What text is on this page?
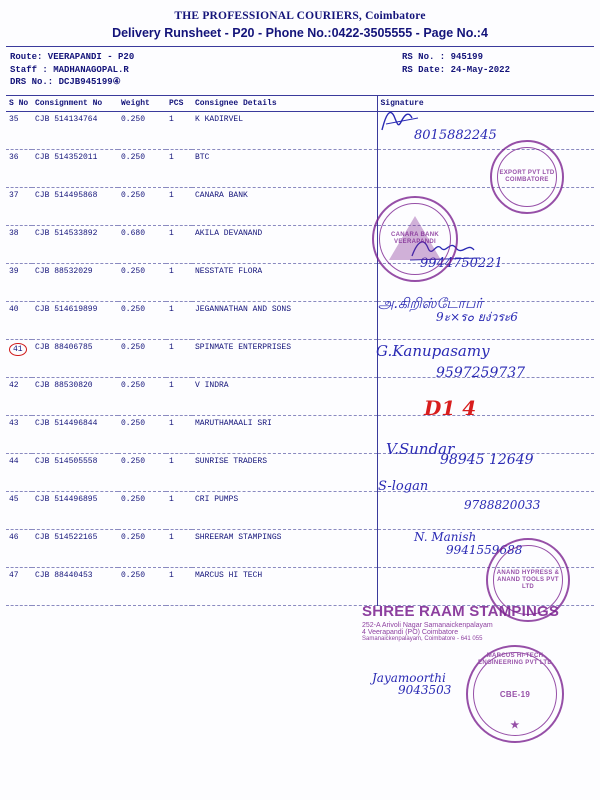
THE PROFESSIONAL COURIERS, Coimbatore
Delivery Runsheet - P20 - Phone No.:0422-3505555 - Page No.:4
Route: VEERAPANDI - P20
Staff : MADHANAGOPAL.R
DRS No.: DCJB945199④
RS No. : 945199
RS Date: 24-May-2022
S No	Consignment No	Weight	PCS	Consignee Details	Signature
35	CJB 514134764	0.250	1	K KADIRVEL	
36	CJB 514352011	0.250	1	BTC	
37	CJB 514495868	0.250	1	CANARA BANK	
38	CJB 514533892	0.680	1	AKILA DEVANAND	
39	CJB 88532029	0.250	1	NESSTATE FLORA	
40	CJB 514619899	0.250	1	JEGANNATHAN AND SONS	
41	CJB 88406785	0.250	1	SPINMATE ENTERPRISES	
42	CJB 88530820	0.250	1	V INDRA	
43	CJB 514496844	0.250	1	MARUTHAMAALI SRI	
44	CJB 514505558	0.250	1	SUNRISE TRADERS	
45	CJB 514496895	0.250	1	CRI PUMPS	
46	CJB 514522165	0.250	1	SHREERAM STAMPINGS	
47	CJB 88440453	0.250	1	MARCUS HI TECH	
8015882245
9944750221
அ.கிறிஸ்டோபர்
9ะ×ร๐ ยง่วระ6
G.Kanupasamy
9597259737
D1 4
V.Sundar
98945 12649
S-logan
9788820033
N. Manish
9941559688
Jayamoorthi
9043503
EXPORT PVT LTD COIMBATORE
CANARA BANK VEERAPANDI
ANAND HYPRESS & ANAND TOOLS PVT LTD
MARCUS HI-TECH ENGINEERING PVT LTD
CBE-19
★
SHREE RAAM STAMPINGS
252-A Arivoli Nagar Samanaickenpalayam
4 Veerapandi (PO) Coimbatore
Samanaickenpalayam, Coimbatore - 641 055
